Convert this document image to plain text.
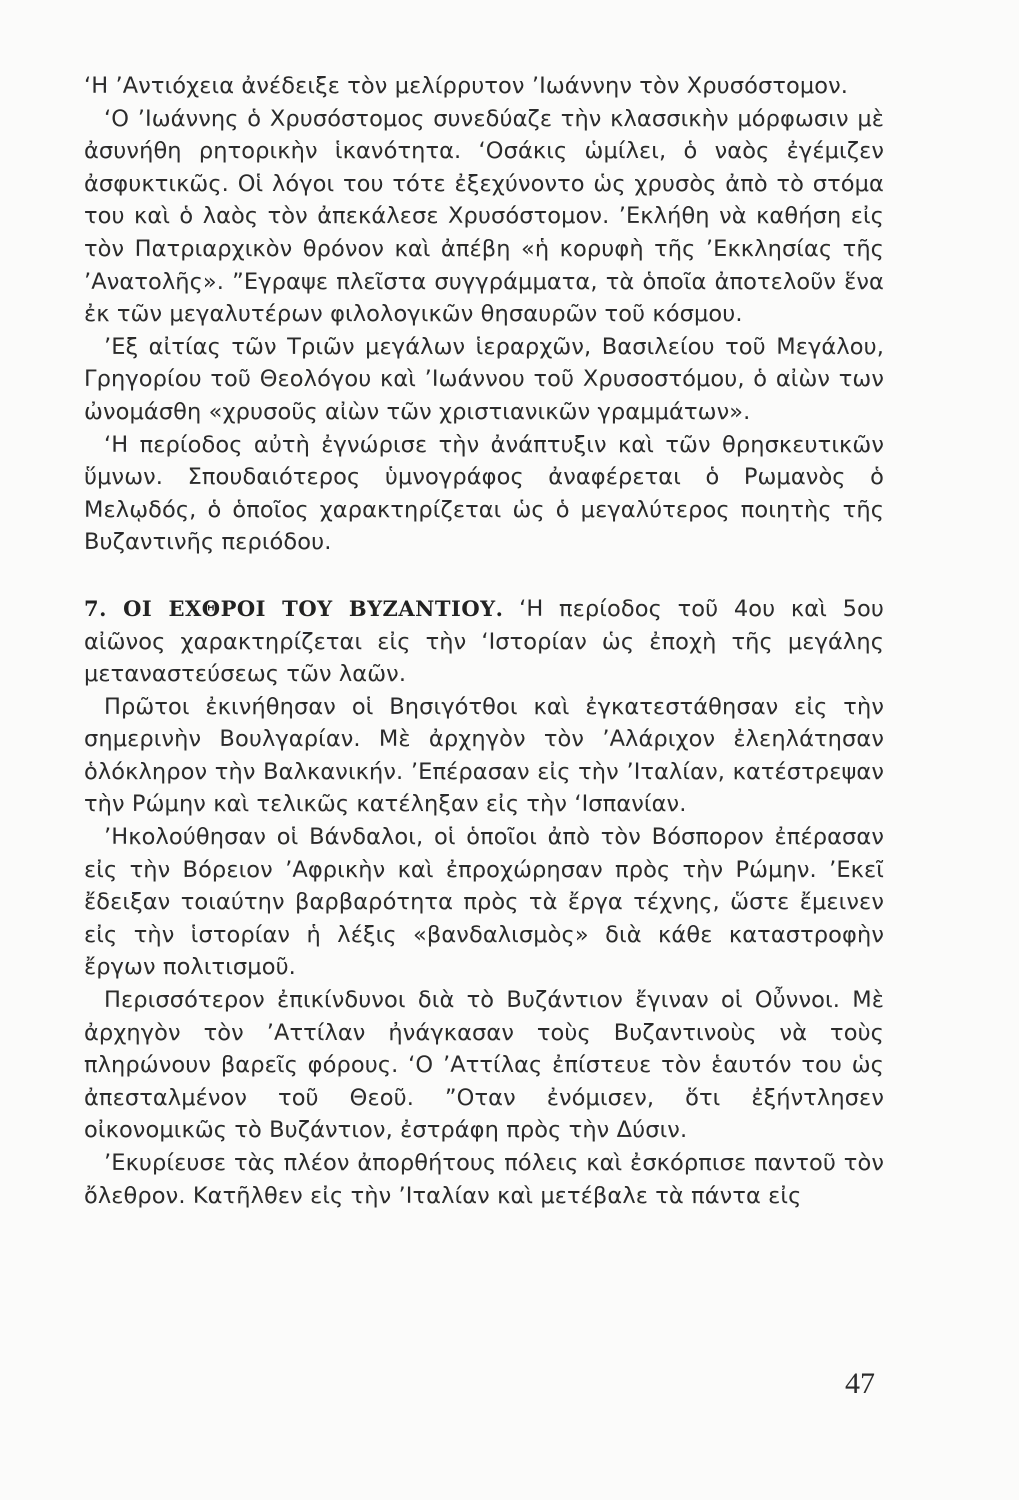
‘Η ’Αντιόχεια ἀνέδειξε τὸν μελίρρυτον ’Ιωάννην τὸν Χρυσόστομον.

‘Ο ’Ιωάννης ὁ Χρυσόστομος συνεδύαζε τὴν κλασσικὴν μόρφωσιν μὲ ἀσυνήθη ρητορικὴν ἱκανότητα. ‘Οσάκις ὡμίλει, ὁ ναὸς ἐγέμιζεν ἀσφυκτικῶς. Οἱ λόγοι του τότε ἐξεχύνοντο ὡς χρυσὸς ἀπὸ τὸ στόμα του καὶ ὁ λαὸς τὸν ἀπεκάλεσε Χρυσόστομον. ’Εκλήθη νὰ καθήση εἰς τὸν Πατριαρχικὸν θρόνον καὶ ἀπέβη «ἡ κορυφὴ τῆς ’Εκκλησίας τῆς ’Ανατολῆς». ”Εγραψε πλεῖστα συγγράμματα, τὰ ὁποῖα ἀποτελοῦν ἕνα ἐκ τῶν μεγαλυτέρων φιλολογικῶν θησαυρῶν τοῦ κόσμου.

’Εξ αἰτίας τῶν Τριῶν μεγάλων ἱεραρχῶν, Βασιλείου τοῦ Μεγάλου, Γρηγορίου τοῦ Θεολόγου καὶ ’Ιωάννου τοῦ Χρυσοστόμου, ὁ αἰὼν των ὠνομάσθη «χρυσοῦς αἰὼν τῶν χριστιανικῶν γραμμάτων».

‘Η περίοδος αὐτὴ ἐγνώρισε τὴν ἀνάπτυξιν καὶ τῶν θρησκευτικῶν ὕμνων. Σπουδαιότερος ὑμνογράφος ἀναφέρεται ὁ Ρωμανὸς ὁ Μελῳδός, ὁ ὁποῖος χαρακτηρίζεται ὡς ὁ μεγαλύτερος ποιητὴς τῆς Βυζαντινῆς περιόδου.

7. ΟΙ ΕΧΘΡΟΙ ΤΟΥ ΒΥΖΑΝΤΙΟΥ. ‘Η περίοδος τοῦ 4ου καὶ 5ου αἰῶνος χαρακτηρίζεται εἰς τὴν ‘Ιστορίαν ὡς ἐποχὴ τῆς μεγάλης μεταναστεύσεως τῶν λαῶν.

Πρῶτοι ἐκινήθησαν οἱ Βησιγότθοι καὶ ἐγκατεστάθησαν εἰς τὴν σημερινὴν Βουλγαρίαν. Μὲ ἀρχηγὸν τὸν ’Αλάριχον ἐλεηλάτησαν ὁλόκληρον τὴν Βαλκανικήν. ’Επέρασαν εἰς τὴν ’Ιταλίαν, κατέστρεψαν τὴν Ρώμην καὶ τελικῶς κατέληξαν εἰς τὴν ‘Ισπανίαν.

’Ηκολούθησαν οἱ Βάνδαλοι, οἱ ὁποῖοι ἀπὸ τὸν Βόσπορον ἐπέρασαν εἰς τὴν Βόρειον ’Αφρικὴν καὶ ἐπροχώρησαν πρὸς τὴν Ρώμην. ’Εκεῖ ἔδειξαν τοιαύτην βαρβαρότητα πρὸς τὰ ἔργα τέχνης, ὥστε ἔμεινεν εἰς τὴν ἱστορίαν ἡ λέξις «βανδαλισμὸς» διὰ κάθε καταστροφὴν ἔργων πολιτισμοῦ.

Περισσότερον ἐπικίνδυνοι διὰ τὸ Βυζάντιον ἔγιναν οἱ Οὖννοι. Μὲ ἀρχηγὸν τὸν ’Αττίλαν ἠνάγκασαν τοὺς Βυζαντινοὺς νὰ τοὺς πληρώνουν βαρεῖς φόρους. ‘Ο ’Αττίλας ἐπίστευε τὸν ἑαυτόν του ὡς ἀπεσταλμένον τοῦ Θεοῦ. ”Οταν ἐνόμισεν, ὅτι ἐξήντλησεν οἰκονομικῶς τὸ Βυζάντιον, ἐστράφη πρὸς τὴν Δύσιν.

’Εκυρίευσε τὰς πλέον ἀπορθήτους πόλεις καὶ ἐσκόρπισε παντοῦ τὸν ὄλεθρον. Κατῆλθεν εἰς τὴν ’Ιταλίαν καὶ μετέβαλε τὰ πάντα εἰς

47
